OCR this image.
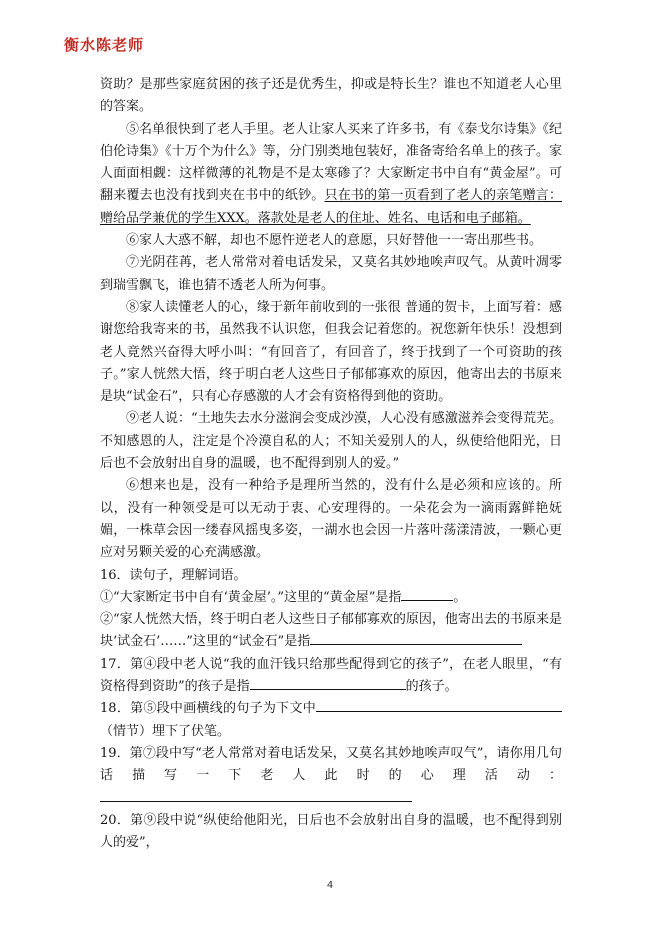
衡水陈老师

资助？是那些家庭贫困的孩子还是优秀生，抑或是特长生？谁也不知道老人心里的答案。

⑤名单很快到了老人手里。老人让家人买来了许多书，有《泰戈尔诗集》《纪伯伦诗集》《十万个为什么》等，分门别类地包装好，准备寄给名单上的孩子。家人面面相觑：这样微薄的礼物是不是太寒碜了？大家断定书中自有“黄金屋”。可翻来覆去也没有找到夹在书中的纸钞。只在书的第一页看到了老人的亲笔赠言：赠给品学兼优的学生XXX。落款处是老人的住址、姓名、电话和电子邮箱。

⑥家人大惑不解，却也不愿忤逆老人的意愿，只好替他一一寄出那些书。

⑦光阴荏苒，老人常常对着电话发呆，又莫名其妙地唉声叹气。从黄叶凋零到瑞雪飘飞，谁也猜不透老人所为何事。

⑧家人读懂老人的心，缘于新年前收到的一张很 普通的贺卡，上面写着：感谢您给我寄来的书，虽然我不认识您，但我会记着您的。祝您新年快乐！没想到老人竟然兴奋得大呼小叫：“有回音了，有回音了，终于找到了一个可资助的孩子。”家人恍然大悟，终于明白老人这些日子郁郁寡欢的原因，他寄出去的书原来是块“试金石”，只有心存感激的人才会有资格得到他的资助。

⑨老人说：“土地失去水分滋润会变成沙漠，人心没有感激滋养会变得荒芜。不知感恩的人，注定是个冷漠自私的人；不知关爱别人的人，纵使给他阳光，日后也不会放射出自身的温暖，也不配得到别人的爱。”

⑥想来也是，没有一种给予是理所当然的，没有什么是必须和应该的。所以，没有一种领受是可以无动于衷、心安理得的。一朵花会为一滴雨露鲜艳妩媚，一株草会因一缕春风摇曳多姿，一湖水也会因一片落叶荡漾清波，一颗心更应对另颗关爱的心充满感激。

16．读句子，理解词语。

①“大家断定书中自有‘黄金屋’。”这里的“黄金屋”是指	。

②“家人恍然大悟，终于明白老人这些日子郁郁寡欢的原因，他寄出去的书原来是块‘试金石’……”这里的“试金石”是指

17．第④段中老人说“我的血汗钱只给那些配得到它的孩子”，在老人眼里，“有资格得到资助”的孩子是指	的孩子。

18．第⑤段中画横线的句子为下文中（情节）埋下了伏笔。

19．第⑦段中写“老人常常对着电话发呆，又莫名其妙地唉声叹气”，请你用几句话描写一下老人此时的心理活动：

20．第⑨段中说“纵使给他阳光，日后也不会放射出自身的温暖，也不配得到别人的爱”，

4
